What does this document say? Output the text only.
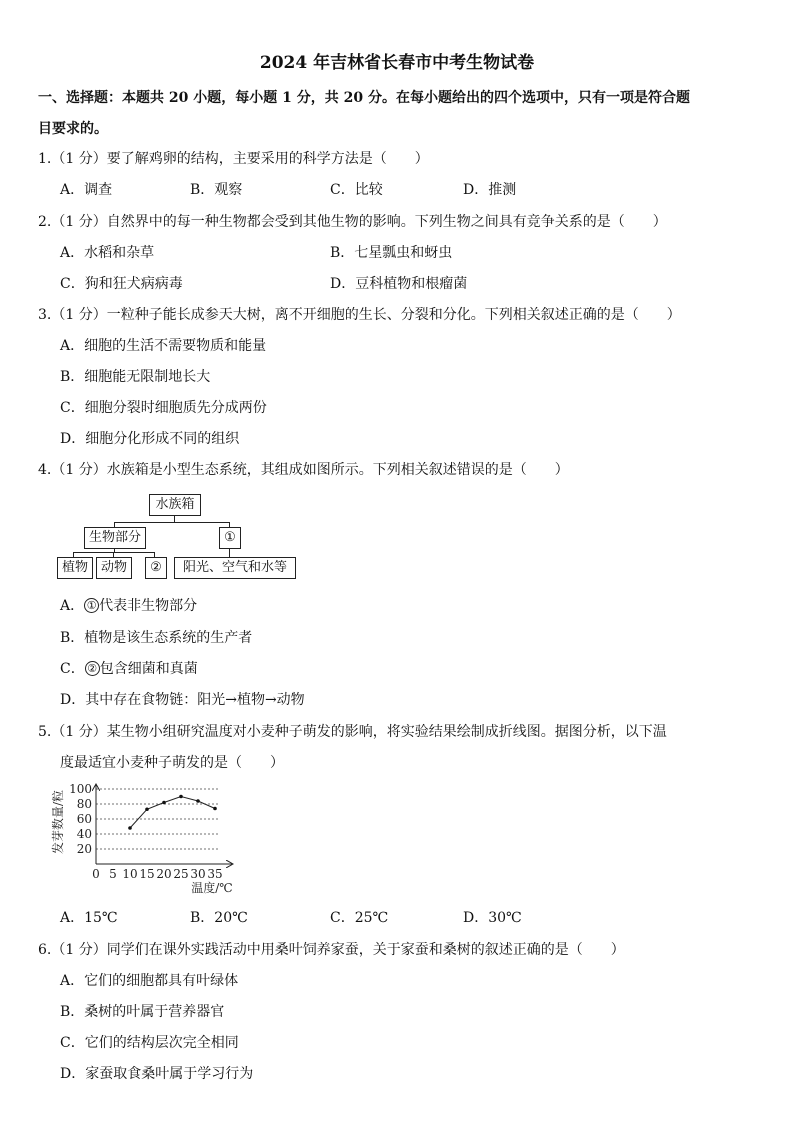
2024 年吉林省长春市中考生物试卷
一、选择题：本题共 20 小题，每小题 1 分，共 20 分。在每小题给出的四个选项中，只有一项是符合题
目要求的。
1.（1 分）要了解鸡卵的结构，主要采用的科学方法是（　　）
A．调查	B．观察	C．比较	D．推测
2.（1 分）自然界中的每一种生物都会受到其他生物的影响。下列生物之间具有竞争关系的是（　　）
A．水稻和杂草	B．七星瓢虫和蚜虫
C．狗和狂犬病病毒	D．豆科植物和根瘤菌
3.（1 分）一粒种子能长成参天大树，离不开细胞的生长、分裂和分化。下列相关叙述正确的是（　　）
A．细胞的生活不需要物质和能量
B．细胞能无限制地长大
C．细胞分裂时细胞质先分成两份
D．细胞分化形成不同的组织
4.（1 分）水族箱是小型生态系统，其组成如图所示。下列相关叙述错误的是（　　）
水族箱
生物部分	①
植物 动物	②	阳光、空气和水等
A． ① 代表非生物部分
B．植物是该生态系统的生产者
C． ② 包含细菌和真菌
D．其中存在食物链：阳光→植物→动物
5.（1 分）某生物小组研究温度对小麦种子萌发的影响，将实验结果绘制成折线图。据图分析，以下温
度最适宜小麦种子萌发的是（　　）
20
40
60
80
100
0 5 10 15 20 25 30 35
发芽数量/粒
温度/℃
A．15℃	B．20℃	C．25℃	D．30℃
6.（1 分）同学们在课外实践活动中用桑叶饲养家蚕，关于家蚕和桑树的叙述正确的是（　　）
A．它们的细胞都具有叶绿体
B．桑树的叶属于营养器官
C．它们的结构层次完全相同
D．家蚕取食桑叶属于学习行为
